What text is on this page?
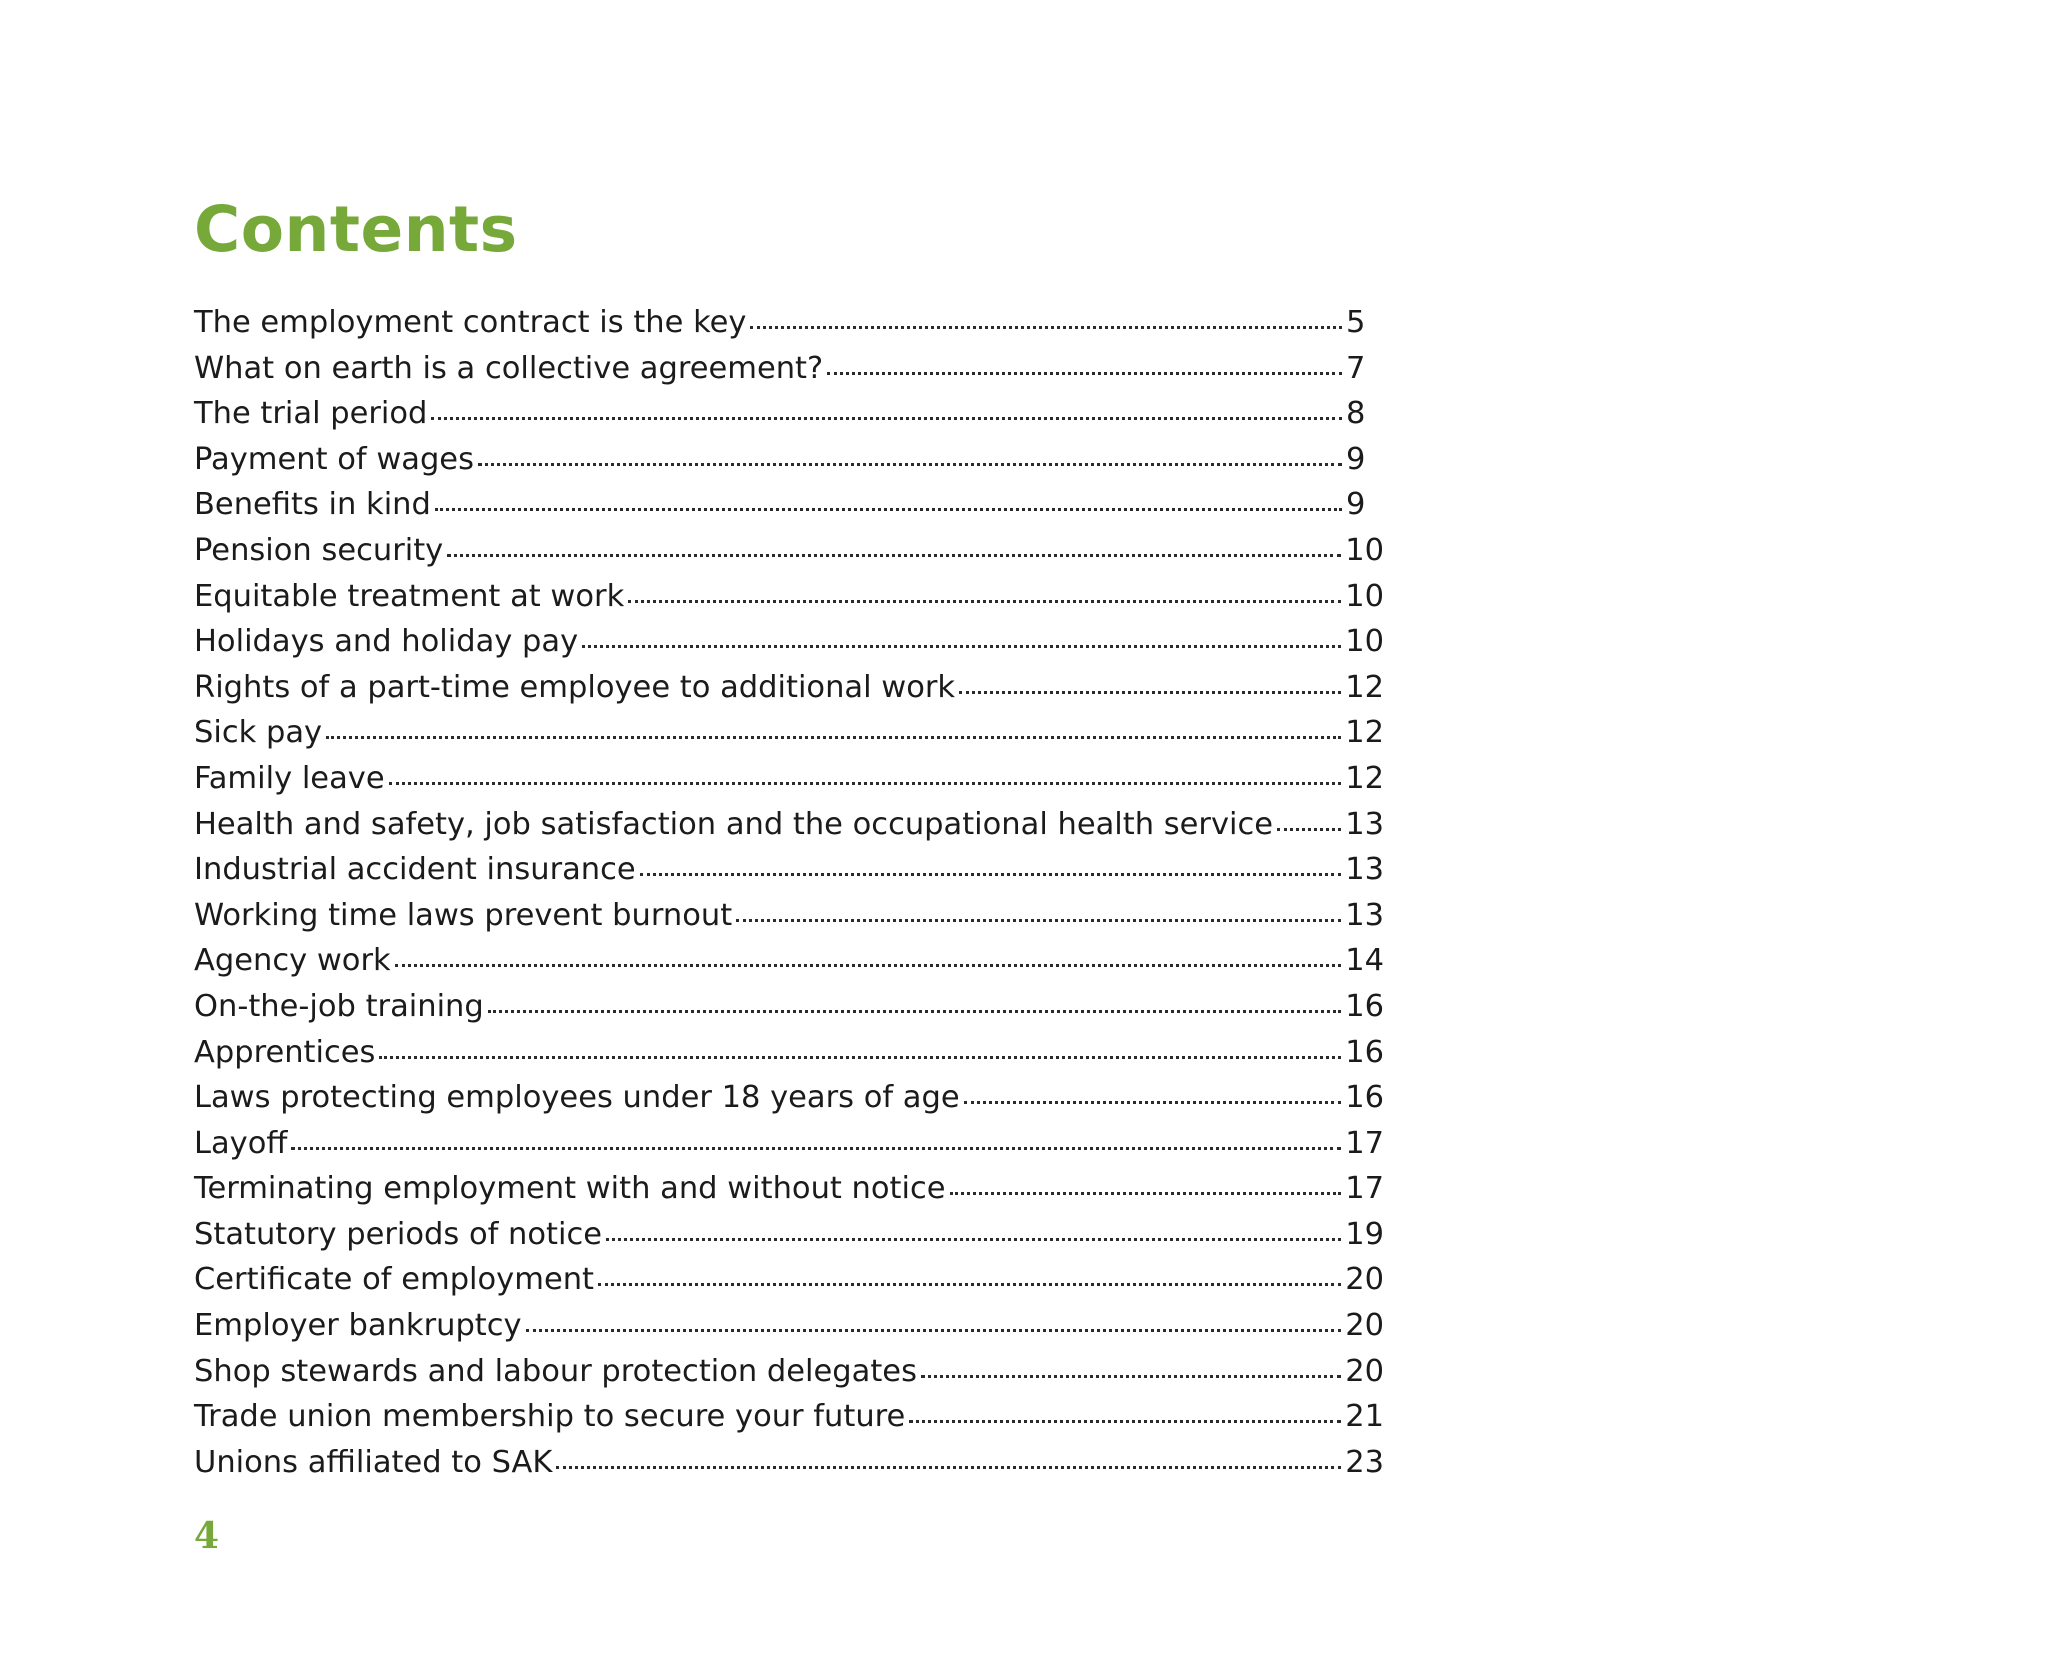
Contents
The employment contract is the key	5
What on earth is a collective agreement?	7
The trial period	8
Payment of wages	9
Benefits in kind	9
Pension security	10
Equitable treatment at work	10
Holidays and holiday pay	10
Rights of a part-time employee to additional work	12
Sick pay	12
Family leave	12
Health and safety, job satisfaction and the occupational health service 13
Industrial accident insurance	13
Working time laws prevent burnout	13
Agency work	14
On-the-job training	16
Apprentices	16
Laws protecting employees under 18 years of age	16
Layoff	17
Terminating employment with and without notice	17
Statutory periods of notice	19
Certificate of employment	20
Employer bankruptcy	20
Shop stewards and labour protection delegates	20
Trade union membership to secure your future	21
Unions affiliated to SAK	23
4
